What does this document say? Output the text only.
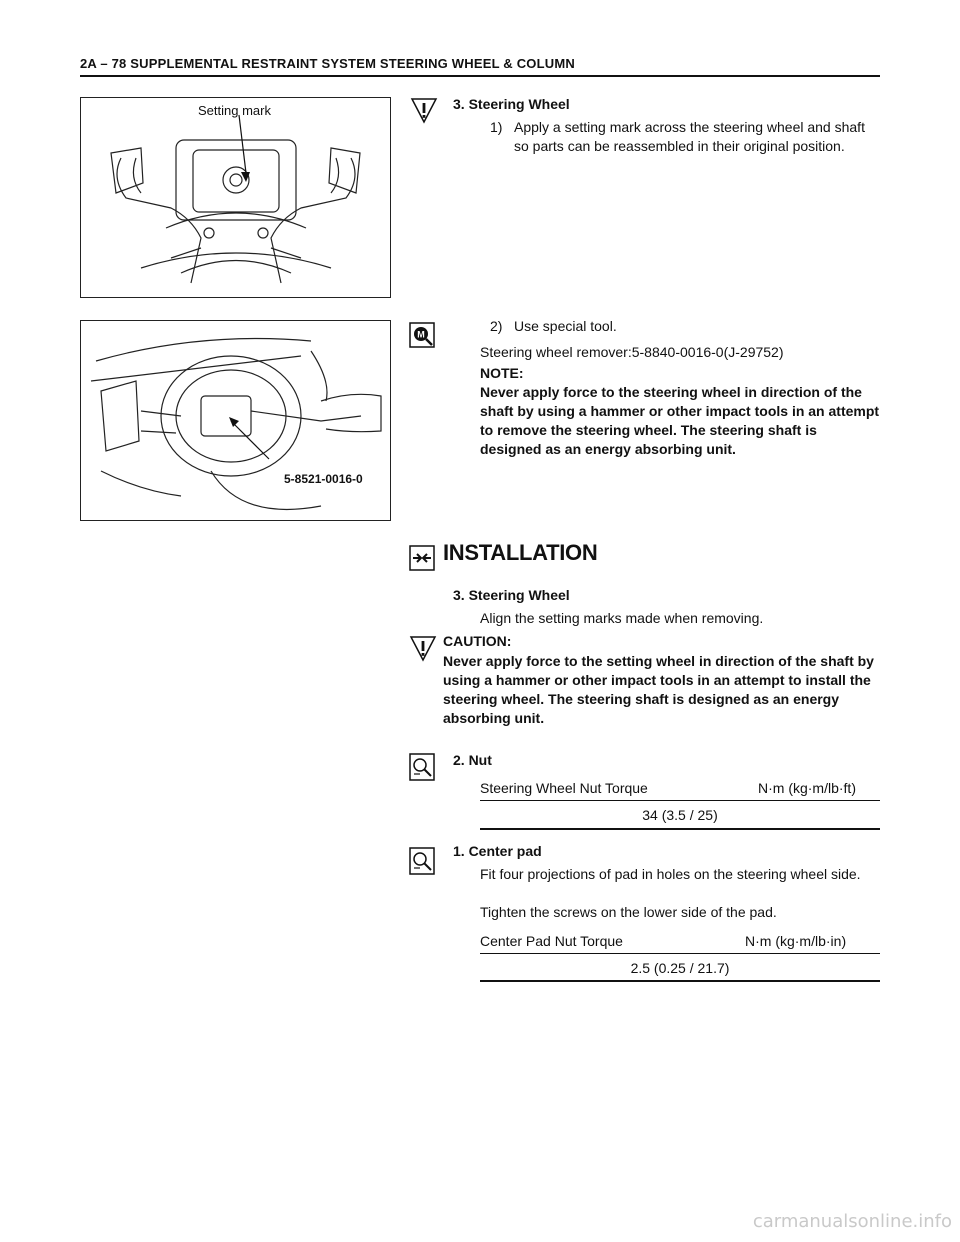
2A – 78 SUPPLEMENTAL RESTRAINT SYSTEM STEERING WHEEL & COLUMN
Setting mark
5-8521-0016-0
3. Steering Wheel
1) Apply a setting mark across the steering wheel and shaft so parts can be reassembled in their original position.
M
2) Use special tool.
Steering wheel remover:5-8840-0016-0(J-29752)
NOTE:
Never apply force to the steering wheel in direction of the shaft by using a hammer or other impact tools in an attempt to remove the steering wheel. The steering shaft is designed as an energy absorbing unit.
INSTALLATION
3. Steering Wheel
Align the setting marks made when removing.
CAUTION:
Never apply force to the setting wheel in direction of the shaft by using a hammer or other impact tools in an attempt to install the steering wheel. The steering shaft is designed as an energy absorbing unit.
2. Nut
Steering Wheel Nut Torque	N·m (kg·m/lb·ft)
34 (3.5 / 25)
1. Center pad
Fit four projections of pad in holes on the steering wheel side.
Tighten the screws on the lower side of the pad.
Center Pad Nut Torque	N·m (kg·m/lb·in)
2.5 (0.25 / 21.7)
carmanualsonline.info
